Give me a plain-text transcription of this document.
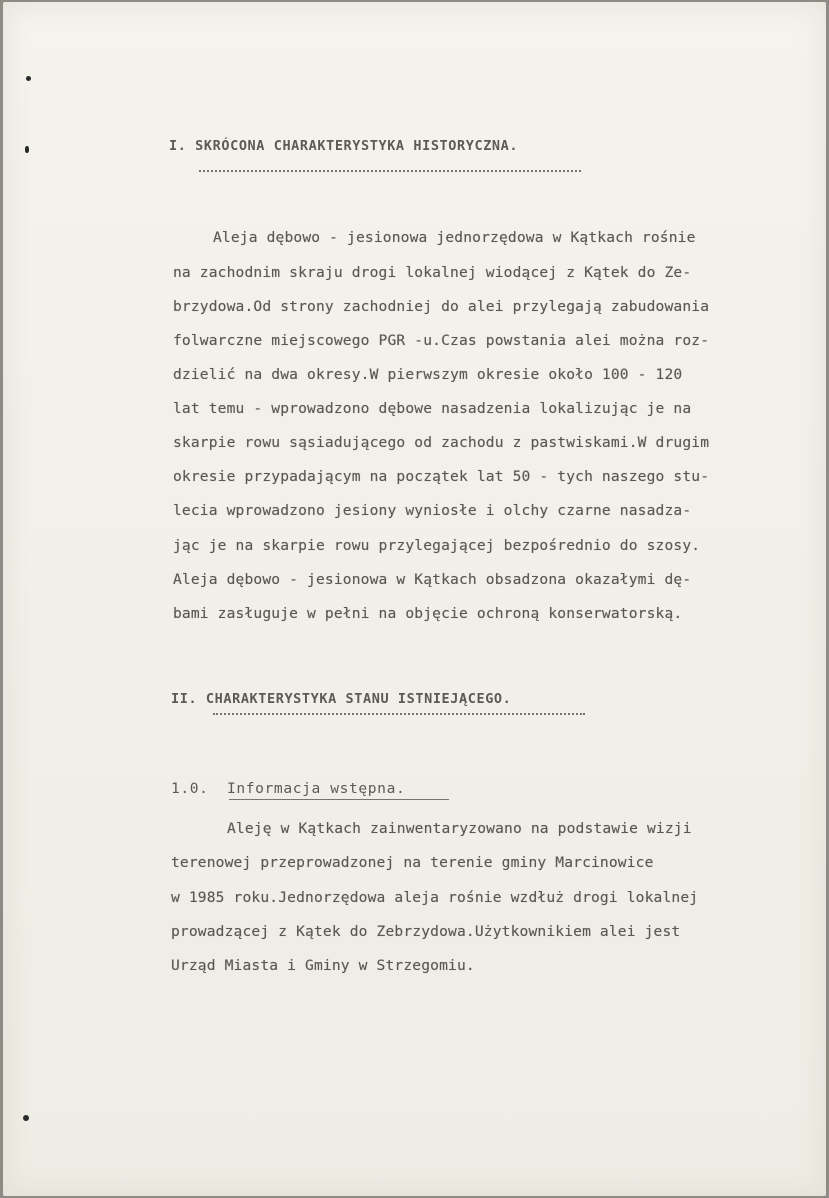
I. SKRÓCONA CHARAKTERYSTYKA HISTORYCZNA.
Aleja dębowo - jesionowa jednorzędowa w Kątkach rośnie
na zachodnim skraju drogi lokalnej wiodącej z Kątek do Ze-
brzydowa.Od strony zachodniej do alei przylegają zabudowania
folwarczne miejscowego PGR -u.Czas powstania alei można roz-
dzielić na dwa okresy.W pierwszym okresie około 100 - 120
lat temu - wprowadzono dębowe nasadzenia lokalizując je na
skarpie rowu sąsiadującego od zachodu z pastwiskami.W drugim
okresie przypadającym na początek lat 50 - tych naszego stu-
lecia wprowadzono jesiony wyniosłe i olchy czarne nasadza-
jąc je na skarpie rowu przylegającej bezpośrednio do szosy.
Aleja dębowo - jesionowa w Kątkach obsadzona okazałymi dę-
bami zasługuje w pełni na objęcie ochroną konserwatorską.
II. CHARAKTERYSTYKA STANU ISTNIEJĄCEGO.
1.0. Informacja wstępna.
Aleję w Kątkach zainwentaryzowano na podstawie wizji
terenowej przeprowadzonej na terenie gminy Marcinowice
w 1985 roku.Jednorzędowa aleja rośnie wzdłuż drogi lokalnej
prowadzącej z Kątek do Zebrzydowa.Użytkownikiem alei jest
Urząd Miasta i Gminy w Strzegomiu.
